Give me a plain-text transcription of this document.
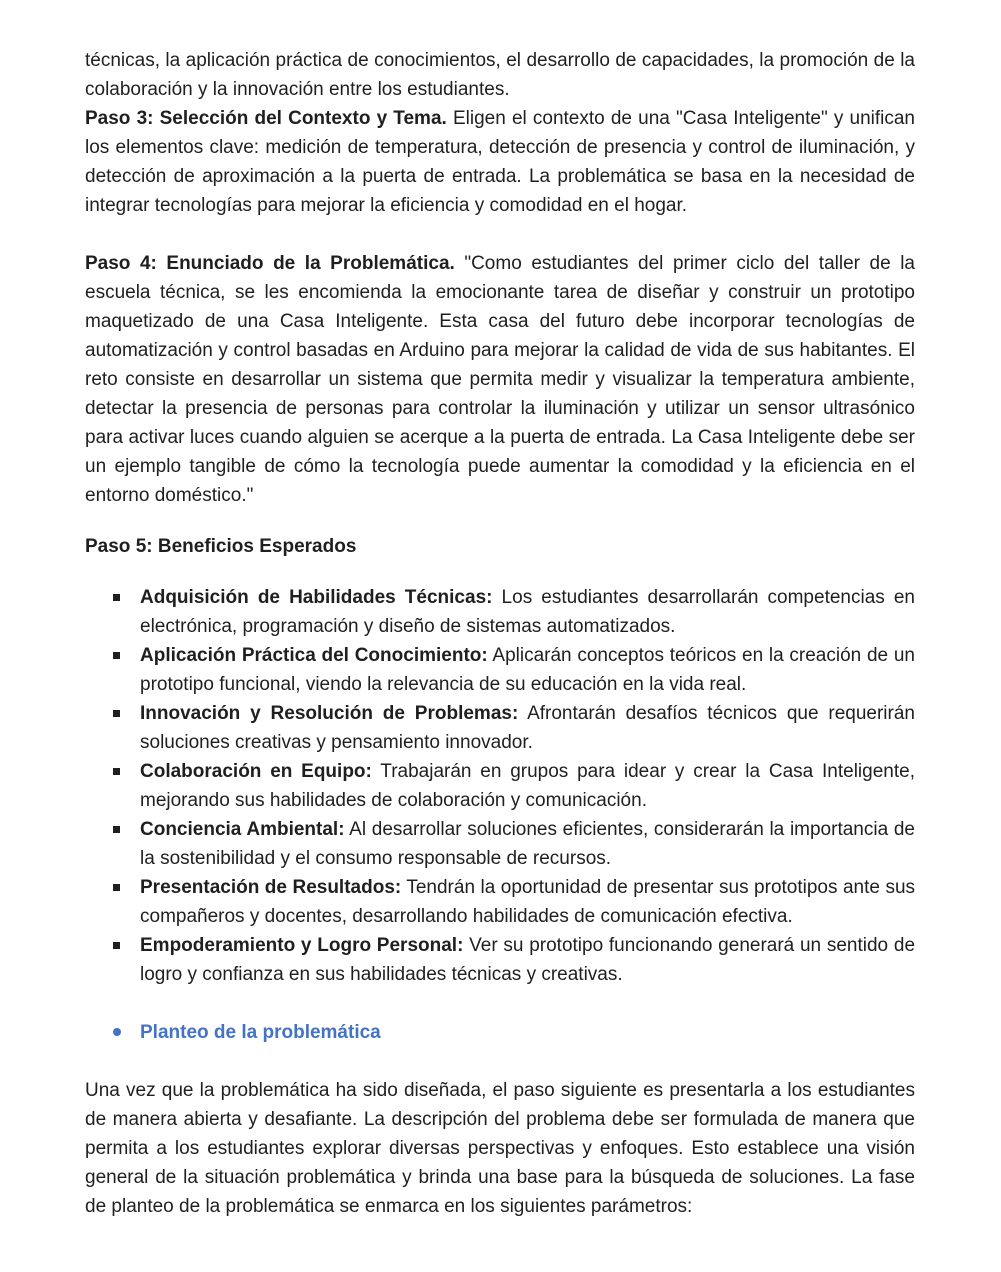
técnicas, la aplicación práctica de conocimientos, el desarrollo de capacidades, la promoción de la colaboración y la innovación entre los estudiantes.

Paso 3: Selección del Contexto y Tema. Eligen el contexto de una "Casa Inteligente" y unifican los elementos clave: medición de temperatura, detección de presencia y control de iluminación, y detección de aproximación a la puerta de entrada. La problemática se basa en la necesidad de integrar tecnologías para mejorar la eficiencia y comodidad en el hogar.

Paso 4: Enunciado de la Problemática. "Como estudiantes del primer ciclo del taller de la escuela técnica, se les encomienda la emocionante tarea de diseñar y construir un prototipo maquetizado de una Casa Inteligente. Esta casa del futuro debe incorporar tecnologías de automatización y control basadas en Arduino para mejorar la calidad de vida de sus habitantes. El reto consiste en desarrollar un sistema que permita medir y visualizar la temperatura ambiente, detectar la presencia de personas para controlar la iluminación y utilizar un sensor ultrasónico para activar luces cuando alguien se acerque a la puerta de entrada. La Casa Inteligente debe ser un ejemplo tangible de cómo la tecnología puede aumentar la comodidad y la eficiencia en el entorno doméstico."

Paso 5: Beneficios Esperados

Adquisición de Habilidades Técnicas: Los estudiantes desarrollarán competencias en electrónica, programación y diseño de sistemas automatizados.
Aplicación Práctica del Conocimiento: Aplicarán conceptos teóricos en la creación de un prototipo funcional, viendo la relevancia de su educación en la vida real.
Innovación y Resolución de Problemas: Afrontarán desafíos técnicos que requerirán soluciones creativas y pensamiento innovador.
Colaboración en Equipo: Trabajarán en grupos para idear y crear la Casa Inteligente, mejorando sus habilidades de colaboración y comunicación.
Conciencia Ambiental: Al desarrollar soluciones eficientes, considerarán la importancia de la sostenibilidad y el consumo responsable de recursos.
Presentación de Resultados: Tendrán la oportunidad de presentar sus prototipos ante sus compañeros y docentes, desarrollando habilidades de comunicación efectiva.
Empoderamiento y Logro Personal: Ver su prototipo funcionando generará un sentido de logro y confianza en sus habilidades técnicas y creativas.
Planteo de la problemática

Una vez que la problemática ha sido diseñada, el paso siguiente es presentarla a los estudiantes de manera abierta y desafiante. La descripción del problema debe ser formulada de manera que permita a los estudiantes explorar diversas perspectivas y enfoques. Esto establece una visión general de la situación problemática y brinda una base para la búsqueda de soluciones. La fase de planteo de la problemática se enmarca en los siguientes parámetros:
